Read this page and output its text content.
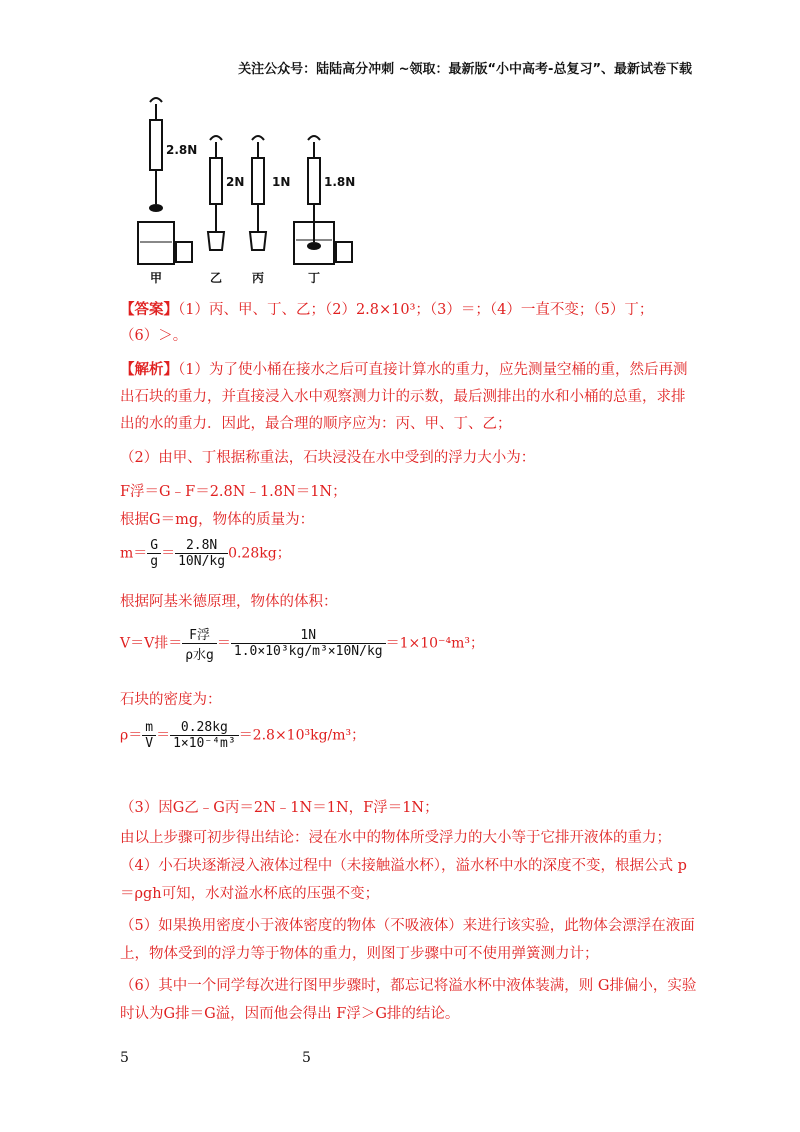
关注公众号：陆陆高分冲刺 ~领取：最新版“小中高考-总复习”、最新试卷下载
2.8N
2N 1N	1.8N
甲	乙 丙	丁
【答案】（1）丙、甲、丁、乙；（2）2.8×10³；（3）＝；（4）一直不变；（5）丁；
（6）＞。
【解析】（1）为了使小桶在接水之后可直接计算水的重力，应先测量空桶的重，然后再测
出石块的重力，并直接浸入水中观察测力计的示数，最后测排出的水和小桶的总重，求排
出的水的重力．因此，最合理的顺序应为：丙、甲、丁、乙；
（2）由甲、丁根据称重法，石块浸没在水中受到的浮力大小为：
F浮＝G﹣F＝2.8N﹣1.8N＝1N；
根据G＝mg，物体的质量为：
$m= \frac{G}{g} = \frac{2.8N}{10N/kg} 0.28kg$；
根据阿基米德原理，物体的体积：
V＝V排＝ $\frac{\text{F浮}}{\text{ρ水g}} = \frac{1N}{\text{1.0×10³kg/m³×10N/kg}} =1\times 10^{-4}m^3$；
石块的密度为：
$\rho= \frac{m}{V} = \frac{0.28kg}{\text{1×10⁻⁴m³}} =2.8\times 10^3kg/m^3$；
（3）因G乙﹣G丙＝2N﹣1N＝1N，F浮＝1N；
由以上步骤可初步得出结论：浸在水中的物体所受浮力的大小等于它排开液体的重力；
（4）小石块逐渐浸入液体过程中（未接触溢水杯），溢水杯中水的深度不变，根据公式 p
＝ρgh可知，水对溢水杯底的压强不变；
（5）如果换用密度小于液体密度的物体（不吸液体）来进行该实验，此物体会漂浮在液面
上，物体受到的浮力等于物体的重力，则图丁步骤中可不使用弹簧测力计；
（6）其中一个同学每次进行图甲步骤时，都忘记将溢水杯中液体装满，则 G排偏小，实验
时认为G排＝G溢，因而他会得出 F浮＞G排的结论。
5	5
